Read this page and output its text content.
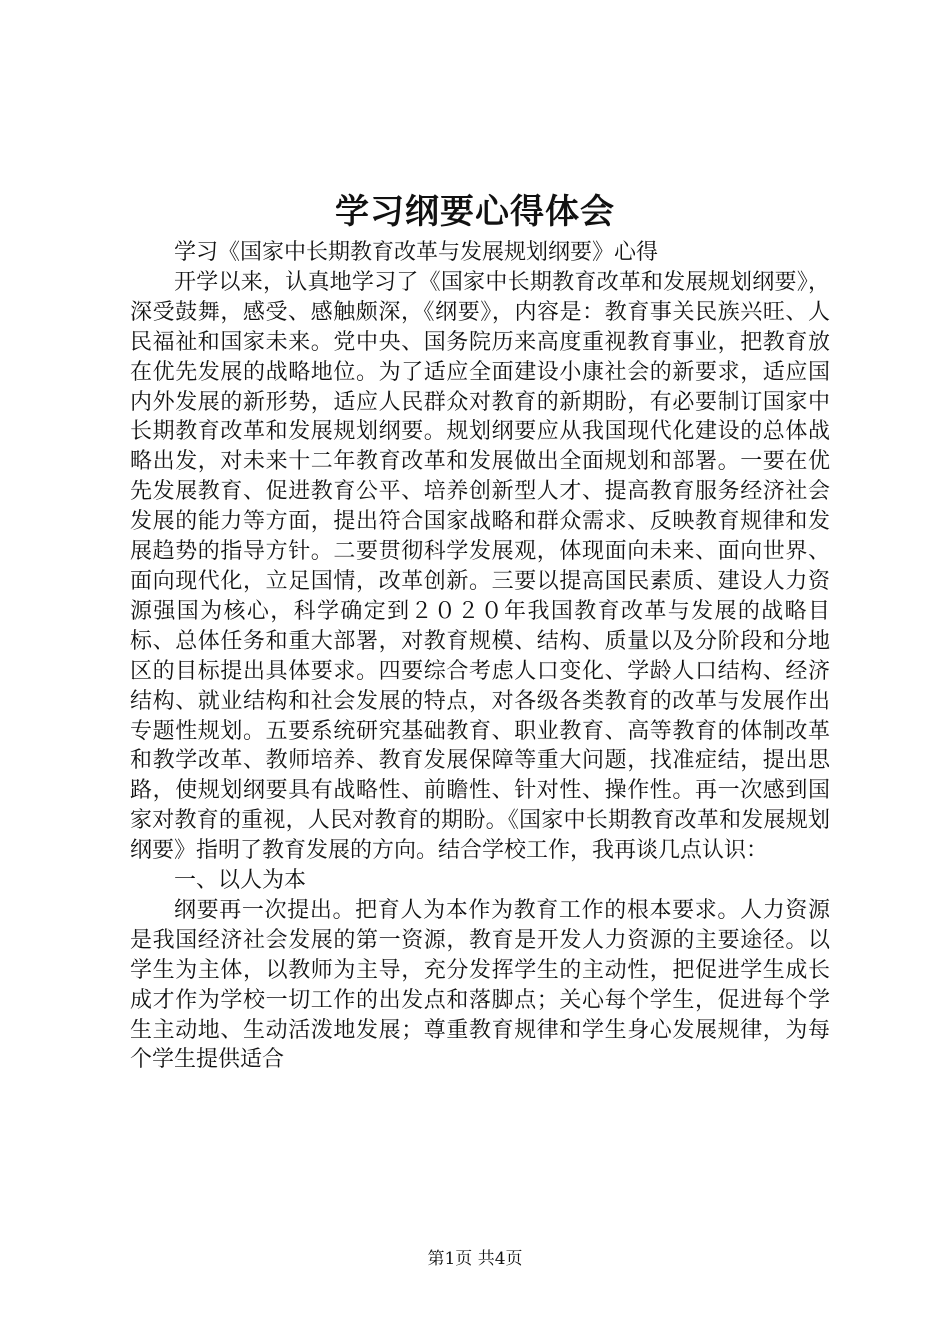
学习纲要心得体会

学习《国家中长期教育改革与发展规划纲要》心得

开学以来，认真地学习了《国家中长期教育改革和发展规划纲要》，深受鼓舞，感受、感触颇深，《纲要》，内容是：教育事关民族兴旺、人民福祉和国家未来。党中央、国务院历来高度重视教育事业，把教育放在优先发展的战略地位。为了适应全面建设小康社会的新要求，适应国内外发展的新形势，适应人民群众对教育的新期盼，有必要制订国家中长期教育改革和发展规划纲要。规划纲要应从我国现代化建设的总体战略出发，对未来十二年教育改革和发展做出全面规划和部署。一要在优先发展教育、促进教育公平、培养创新型人才、提高教育服务经济社会发展的能力等方面，提出符合国家战略和群众需求、反映教育规律和发展趋势的指导方针。二要贯彻科学发展观，体现面向未来、面向世界、面向现代化，立足国情，改革创新。三要以提高国民素质、建设人力资源强国为核心，科学确定到２０２０年我国教育改革与发展的战略目标、总体任务和重大部署，对教育规模、结构、质量以及分阶段和分地区的目标提出具体要求。四要综合考虑人口变化、学龄人口结构、经济结构、就业结构和社会发展的特点，对各级各类教育的改革与发展作出专题性规划。五要系统研究基础教育、职业教育、高等教育的体制改革和教学改革、教师培养、教育发展保障等重大问题，找准症结，提出思路，使规划纲要具有战略性、前瞻性、针对性、操作性。再一次感到国家对教育的重视，人民对教育的期盼。《国家中长期教育改革和发展规划纲要》指明了教育发展的方向。结合学校工作，我再谈几点认识：

一、以人为本

纲要再一次提出。把育人为本作为教育工作的根本要求。人力资源是我国经济社会发展的第一资源，教育是开发人力资源的主要途径。以学生为主体，以教师为主导，充分发挥学生的主动性，把促进学生成长成才作为学校一切工作的出发点和落脚点；关心每个学生，促进每个学生主动地、生动活泼地发展；尊重教育规律和学生身心发展规律，为每个学生提供适合

第1页 共4页
